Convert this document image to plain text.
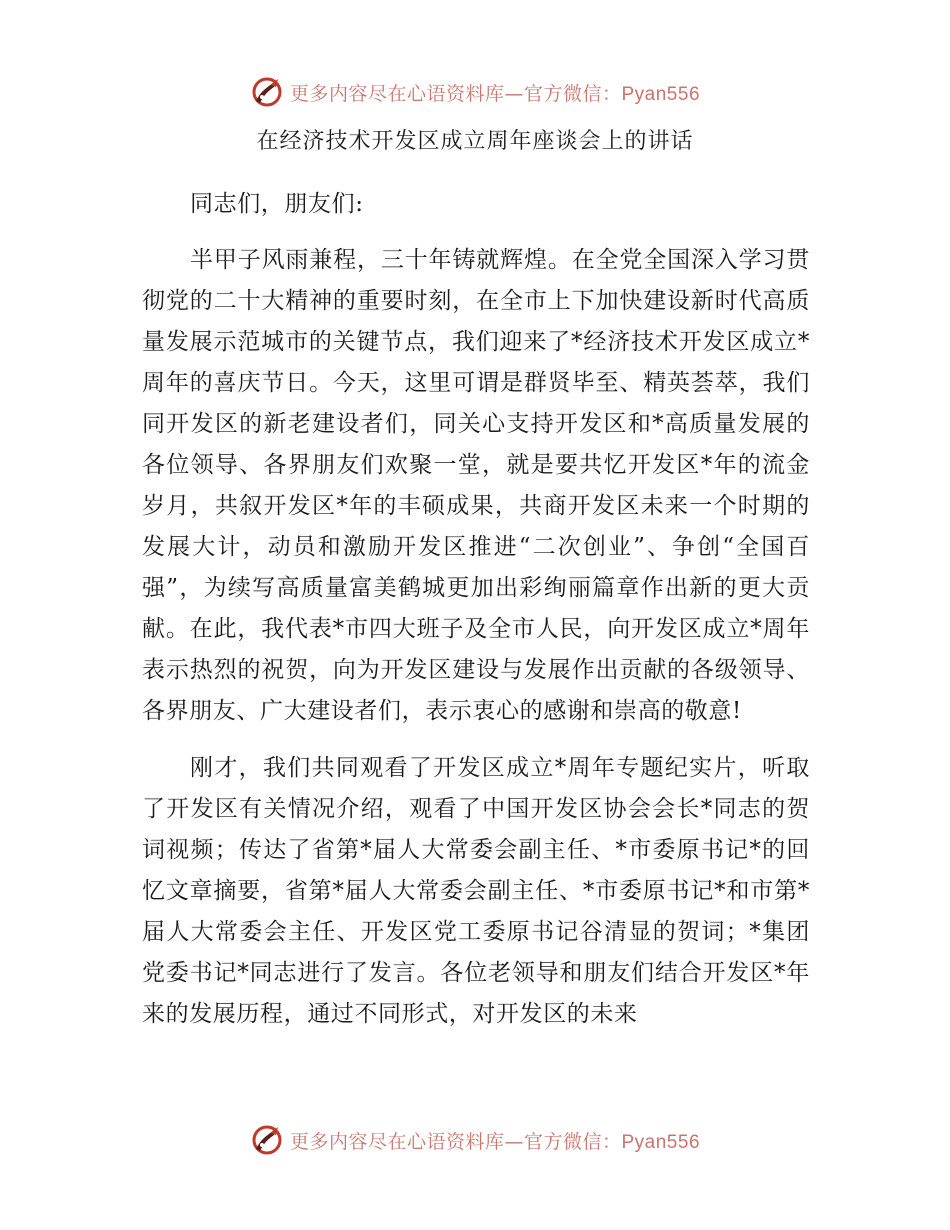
更多内容尽在心语资料库—官方微信：Pyan556
在经济技术开发区成立周年座谈会上的讲话

同志们，朋友们:

半甲子风雨兼程，三十年铸就辉煌。在全党全国深入学习贯彻党的二十大精神的重要时刻，在全市上下加快建设新时代高质量发展示范城市的关键节点，我们迎来了*经济技术开发区成立*周年的喜庆节日。今天，这里可谓是群贤毕至、精英荟萃，我们同开发区的新老建设者们，同关心支持开发区和*高质量发展的各位领导、各界朋友们欢聚一堂，就是要共忆开发区*年的流金岁月，共叙开发区*年的丰硕成果，共商开发区未来一个时期的发展大计，动员和激励开发区推进“二次创业”、争创“全国百强”，为续写高质量富美鹤城更加出彩绚丽篇章作出新的更大贡献。在此，我代表*市四大班子及全市人民，向开发区成立*周年表示热烈的祝贺，向为开发区建设与发展作出贡献的各级领导、各界朋友、广大建设者们，表示衷心的感谢和崇高的敬意!

刚才，我们共同观看了开发区成立*周年专题纪实片，听取了开发区有关情况介绍，观看了中国开发区协会会长*同志的贺词视频；传达了省第*届人大常委会副主任、*市委原书记*的回忆文章摘要，省第*届人大常委会副主任、*市委原书记*和市第*届人大常委会主任、开发区党工委原书记谷清显的贺词；*集团党委书记*同志进行了发言。各位老领导和朋友们结合开发区*年来的发展历程，通过不同形式，对开发区的未来

更多内容尽在心语资料库—官方微信：Pyan556
